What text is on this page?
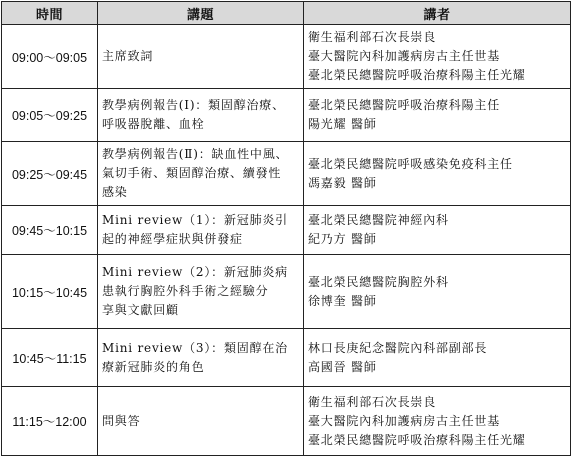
時間	講題	講者
09:00～09:05	主席致詞	衛生福利部石次長崇良
臺大醫院內科加護病房古主任世基
臺北榮民總醫院呼吸治療科陽主任光耀

09:05～09:25	教學病例報告(Ⅰ)：類固醇治療、
呼吸器脫離、血栓	臺北榮民總醫院呼吸治療科陽主任
陽光耀 醫師

09:25～09:45	教學病例報告(Ⅱ)：缺血性中風、
氣切手術、類固醇治療、續發性
感染	臺北榮民總醫院呼吸感染免疫科主任
馮嘉毅 醫師

09:45～10:15	Mini review（1）：新冠肺炎引
起的神經學症狀與併發症	臺北榮民總醫院神經內科
紀乃方 醫師

10:15～10:45	Mini review（2）：新冠肺炎病
患執行胸腔外科手術之經驗分
享與文獻回顧	臺北榮民總醫院胸腔外科
徐博奎 醫師

10:45～11:15	Mini review（3）：類固醇在治
療新冠肺炎的角色	林口長庚紀念醫院內科部副部長
高國晉 醫師

11:15～12:00	問與答	衛生福利部石次長崇良
臺大醫院內科加護病房古主任世基
臺北榮民總醫院呼吸治療科陽主任光耀
